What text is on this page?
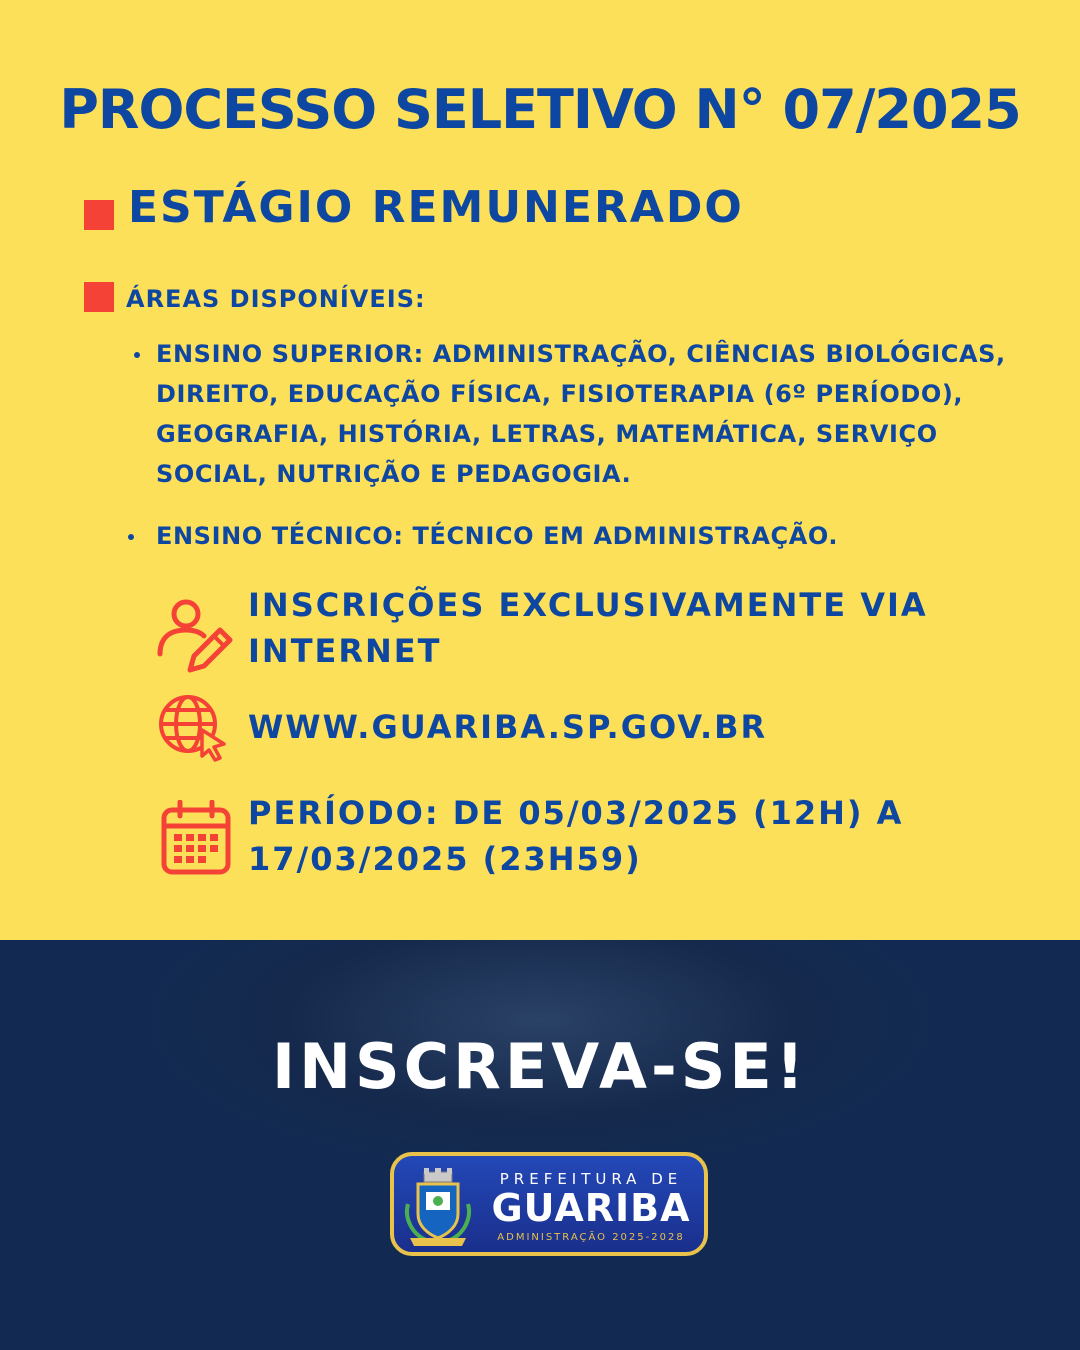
PROCESSO SELETIVO N° 07/2025
ESTÁGIO REMUNERADO
ÁREAS DISPONÍVEIS:
ENSINO SUPERIOR: ADMINISTRAÇÃO, CIÊNCIAS BIOLÓGICAS, DIREITO, EDUCAÇÃO FÍSICA, FISIOTERAPIA (6º PERÍODO), GEOGRAFIA, HISTÓRIA, LETRAS, MATEMÁTICA, SERVIÇO SOCIAL, NUTRIÇÃO E PEDAGOGIA.
ENSINO TÉCNICO: TÉCNICO EM ADMINISTRAÇÃO.
INSCRIÇÕES EXCLUSIVAMENTE VIA INTERNET
WWW.GUARIBA.SP.GOV.BR
PERÍODO: DE 05/03/2025 (12H) A 17/03/2025 (23H59)
INSCREVA-SE!
PREFEITURA DE
GUARIBA
ADMINISTRAÇÃO 2025-2028
